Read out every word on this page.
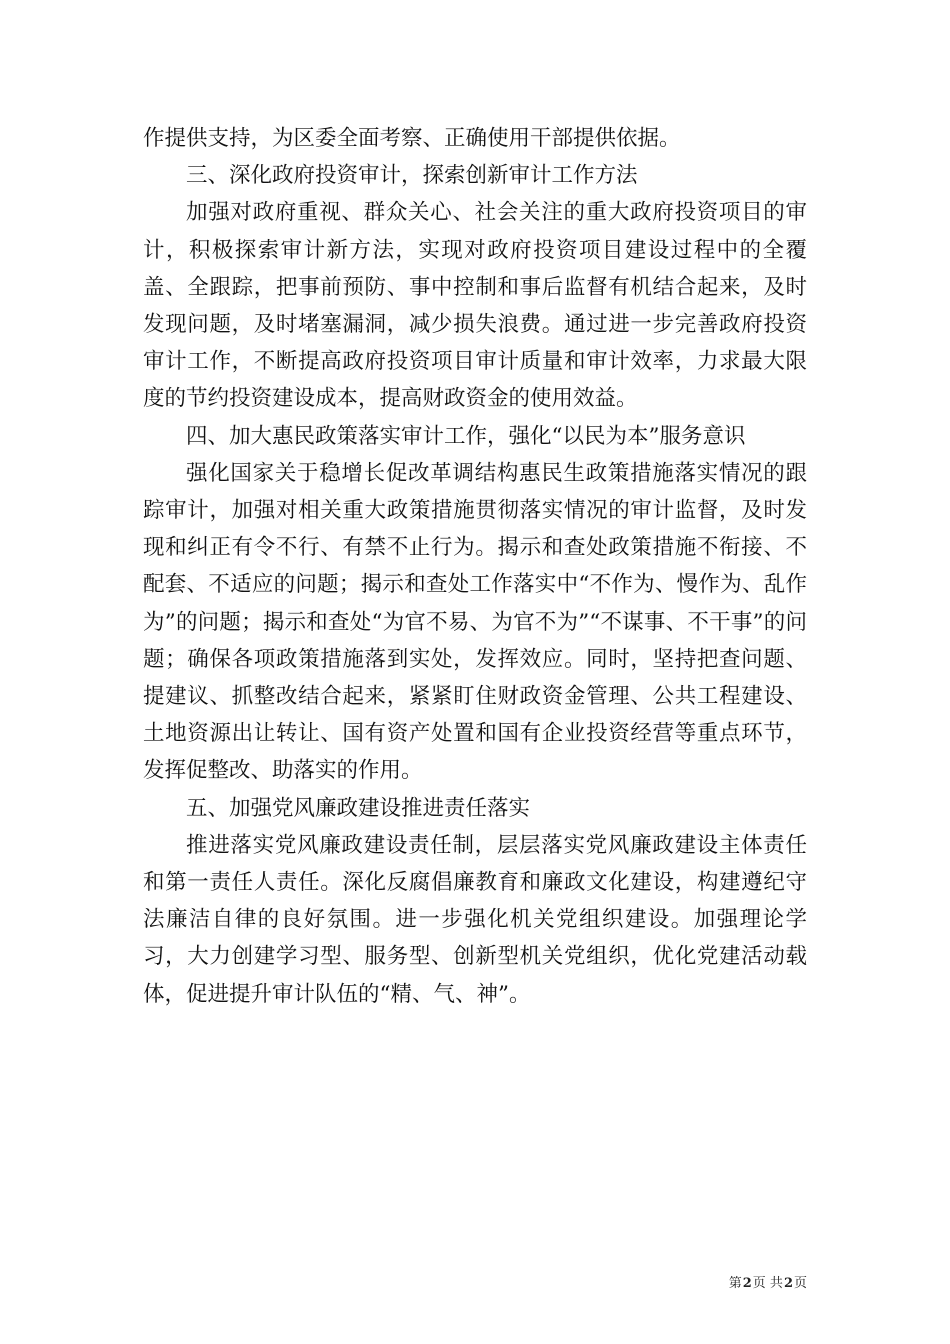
作提供支持，为区委全面考察、正确使用干部提供依据。

三、深化政府投资审计，探索创新审计工作方法

加强对政府重视、群众关心、社会关注的重大政府投资项目的审计，积极探索审计新方法，实现对政府投资项目建设过程中的全覆盖、全跟踪，把事前预防、事中控制和事后监督有机结合起来，及时发现问题，及时堵塞漏洞，减少损失浪费。通过进一步完善政府投资审计工作，不断提高政府投资项目审计质量和审计效率，力求最大限度的节约投资建设成本，提高财政资金的使用效益。

四、加大惠民政策落实审计工作，强化“以民为本”服务意识

强化国家关于稳增长促改革调结构惠民生政策措施落实情况的跟踪审计，加强对相关重大政策措施贯彻落实情况的审计监督，及时发现和纠正有令不行、有禁不止行为。揭示和查处政策措施不衔接、不配套、不适应的问题；揭示和查处工作落实中“不作为、慢作为、乱作为”的问题；揭示和查处“为官不易、为官不为”“不谋事、不干事”的问题；确保各项政策措施落到实处，发挥效应。同时，坚持把查问题、提建议、抓整改结合起来，紧紧盯住财政资金管理、公共工程建设、土地资源出让转让、国有资产处置和国有企业投资经营等重点环节，发挥促整改、助落实的作用。

五、加强党风廉政建设推进责任落实

推进落实党风廉政建设责任制，层层落实党风廉政建设主体责任和第一责任人责任。深化反腐倡廉教育和廉政文化建设，构建遵纪守法廉洁自律的良好氛围。进一步强化机关党组织建设。加强理论学习，大力创建学习型、服务型、创新型机关党组织，优化党建活动载体，促进提升审计队伍的“精、气、神”。

第2页 共2页
